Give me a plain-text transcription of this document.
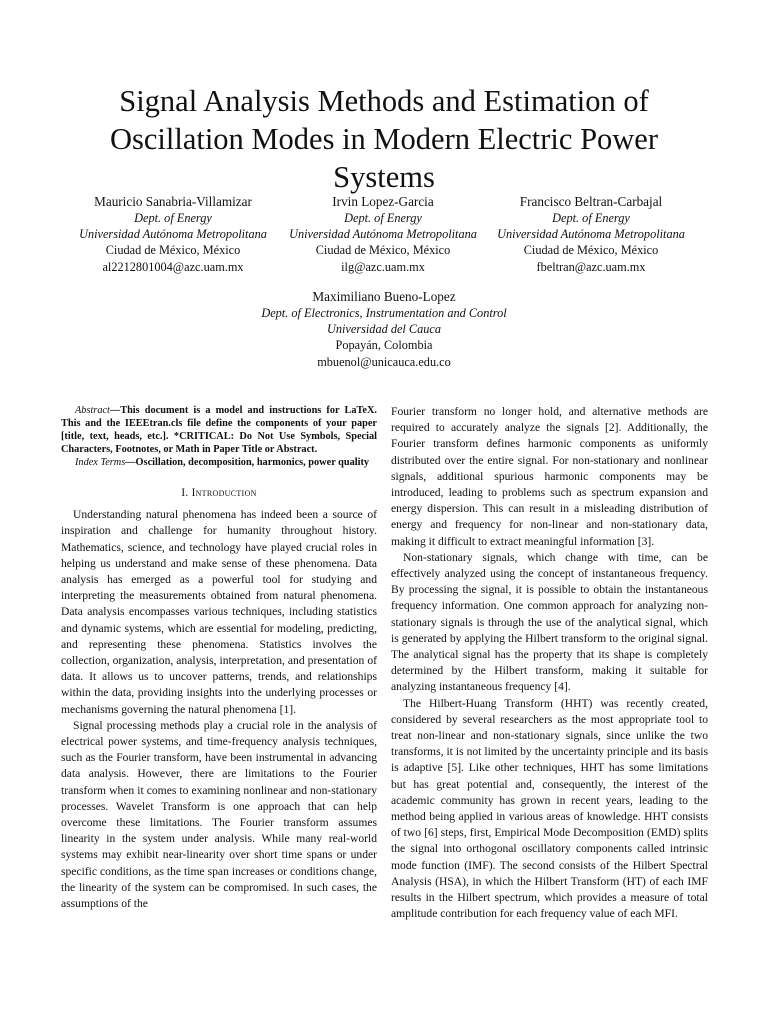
Signal Analysis Methods and Estimation of Oscillation Modes in Modern Electric Power Systems
Mauricio Sanabria-Villamizar
Dept. of Energy
Universidad Autónoma Metropolitana
Ciudad de México, México
al2212801004@azc.uam.mx
Irvin Lopez-Garcia
Dept. of Energy
Universidad Autónoma Metropolitana
Ciudad de México, México
ilg@azc.uam.mx
Francisco Beltran-Carbajal
Dept. of Energy
Universidad Autónoma Metropolitana
Ciudad de México, México
fbeltran@azc.uam.mx
Maximiliano Bueno-Lopez
Dept. of Electronics, Instrumentation and Control
Universidad del Cauca
Popayán, Colombia
mbuenol@unicauca.edu.co

Abstract—This document is a model and instructions for LaTeX. This and the IEEEtran.cls file define the components of your paper [title, text, heads, etc.]. *CRITICAL: Do Not Use Symbols, Special Characters, Footnotes, or Math in Paper Title or Abstract.

Index Terms—Oscillation, decomposition, harmonics, power quality

I. Introduction

Understanding natural phenomena has indeed been a source of inspiration and challenge for humanity throughout history. Mathematics, science, and technology have played crucial roles in helping us understand and make sense of these phenomena. Data analysis has emerged as a powerful tool for studying and interpreting the measurements obtained from natural phenomena. Data analysis encompasses various techniques, including statistics and dynamic systems, which are essential for modeling, predicting, and representing these phenomena. Statistics involves the collection, organization, analysis, interpretation, and presentation of data. It allows us to uncover patterns, trends, and relationships within the data, providing insights into the underlying processes or mechanisms governing the natural phenomena [1].

Signal processing methods play a crucial role in the analysis of electrical power systems, and time-frequency analysis techniques, such as the Fourier transform, have been instrumental in advancing data analysis. However, there are limitations to the Fourier transform when it comes to examining nonlinear and non-stationary processes. Wavelet Transform is one approach that can help overcome these limitations. The Fourier transform assumes linearity in the system under analysis. While many real-world systems may exhibit near-linearity over short time spans or under specific conditions, as the time span increases or conditions change, the linearity of the system can be compromised. In such cases, the assumptions of the

Fourier transform no longer hold, and alternative methods are required to accurately analyze the signals [2]. Additionally, the Fourier transform defines harmonic components as uniformly distributed over the entire signal. For non-stationary and nonlinear signals, additional spurious harmonic components may be introduced, leading to problems such as spectrum expansion and energy dispersion. This can result in a misleading distribution of energy and frequency for non-linear and non-stationary data, making it difficult to extract meaningful information [3].

Non-stationary signals, which change with time, can be effectively analyzed using the concept of instantaneous frequency. By processing the signal, it is possible to obtain the instantaneous frequency information. One common approach for analyzing non-stationary signals is through the use of the analytical signal, which is generated by applying the Hilbert transform to the original signal. The analytical signal has the property that its shape is completely determined by the Hilbert transform, making it suitable for analyzing instantaneous frequency [4].

The Hilbert-Huang Transform (HHT) was recently created, considered by several researchers as the most appropriate tool to treat non-linear and non-stationary signals, since unlike the two transforms, it is not limited by the uncertainty principle and its basis is adaptive [5]. Like other techniques, HHT has some limitations but has great potential and, consequently, the interest of the academic community has grown in recent years, leading to the method being applied in various areas of knowledge. HHT consists of two [6] steps, first, Empirical Mode Decomposition (EMD) splits the signal into orthogonal oscillatory components called intrinsic mode function (IMF). The second consists of the Hilbert Spectral Analysis (HSA), in which the Hilbert Transform (HT) of each IMF results in the Hilbert spectrum, which provides a measure of total amplitude contribution for each frequency value of each MFI.
